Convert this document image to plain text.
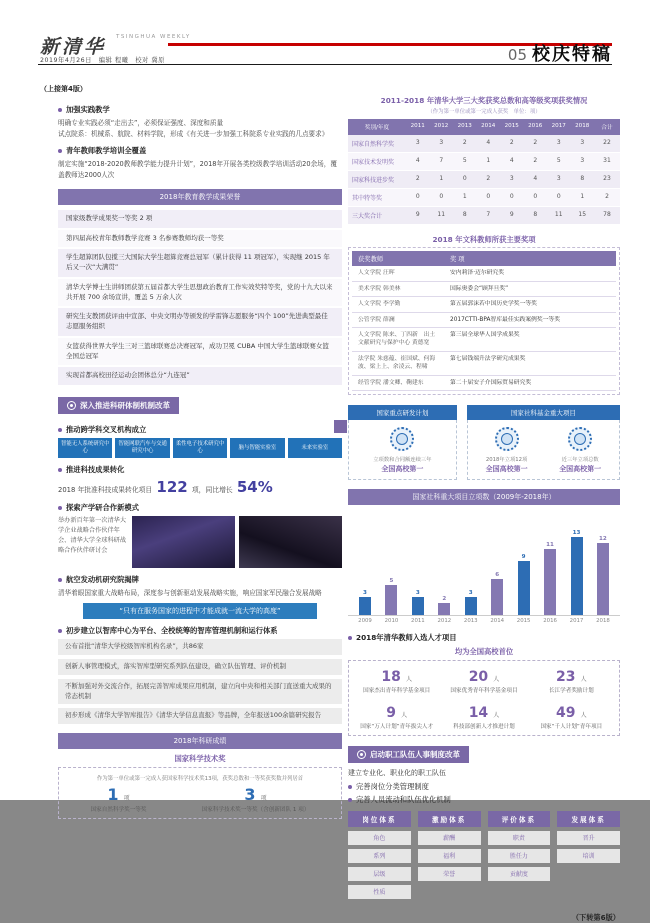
新清华 TSINGHUA WEEKLY
2019年4月26日　编辑 程曦　校对 冀原	05 校庆特稿
（上接第4版）
加强实践教学
明确专业实践必须“走出去”，必须保证强度、深度和质量
试点院系：机械系、航院、材料学院，形成《有关进一步加强工科院系专业实践的几点要求》
青年教师教学培训全覆盖
制定实施“2018-2020教师教学能力提升计划”，2018年开展各类校级教学培训活动20余场，覆盖教师达2000人次
2018年教育教学成果荣誉
国家级教学成果奖一等奖 2 项
第四届高校青年教师教学竞赛 3 名参赛教师均获一等奖
学生超算团队包揽三大国际大学生超算竞赛总冠军（累计获得 11 项冠军），实现继 2015 年后又一次“大满贯”
清华大学博士生讲师团获第五届首都大学生思想政治教育工作实效奖特等奖，党的十九大以来共开展 700 余场宣讲，覆盖 5 万余人次
研究生支教团获评由中宣部、中央文明办等颁发的学雷锋志愿服务“四个 100”先进典型最佳志愿服务组织
女篮获得世界大学生三对三篮球联赛总决赛冠军，成功卫冕 CUBA 中国大学生篮球联赛女篮全国总冠军
实现首都高校田径运动会团体总分“九连冠”
深入推进科研体制机制改革
推动跨学科交叉机构成立
智能无人系统研究中心
智能网联汽车与交通研究中心
柔性电子技术研究中心
脑与智能实验室	未来实验室
推进科技成果转化
2018 年批准科技成果转化项目 122 项，同比增长 54%
探索产学研合作新模式
举办新百年第一次清华大学企业战略合作伙伴年会、清华大学全球科研战略合作伙伴研讨会
航空发动机研究院揭牌
清华着眼国家重大战略布局，深度参与创新驱动发展战略实施，响应国家军民融合发展战略
“只有在服务国家的进程中才能成就一流大学的高度”
初步建立以智库中心为平台、全校统筹的智库管理机制和运行体系
公布首批“清华大学校级智库机构名录”，共86家
创新人事管理模式，落实智库型研究系列队伍建设，确立队伍管理、评价机制
不断加强对外交流合作，拓展完善智库成果应用机制，建立向中央和相关部门直送重大成果的常态机制
初步形成《清华大学智库报告》《清华大学信息直报》等品牌，全年报送100余篇研究报告
2018年科研成绩
国家科学技术奖
作为第一单位或第一完成人获国家科学技术奖13项，获奖总数和一等奖获奖数并列居首
1 项
国家自然科学奖一等奖
3 项
国家科学技术奖一等奖（含创新团队 1 项）
2011-2018 年清华大学三大奖获奖总数和高等级奖项获奖情况
（作为第一单位或第一完成人获奖　单位：项）
奖别/年度	2011	2012	2013	2014	2015	2016	2017	2018	合计
国家自然科学奖	3	3	2	4	2	2	3	3	22
国家技术发明奖	4	7	5	1	4	2	5	3	31
国家科技进步奖	2	1	0	2	3	4	3	8	23
其中特等奖	0	0	1	0	0	0	0	1	2
三大奖合计	9	11	8	7	9	8	11	15	78
2018 年文科教师所获主要奖项
获奖教师	奖 项
人文学院 汪晖	安内莉泽·迈尔研究奖
美术学院 韩美林	国际奥委会“顾拜旦奖”
人文学院 李学勤	第五届郭沫若中国历史学奖一等奖
公管学院 薛澜	2017CTTI-BPA智库最佳实践案例奖一等奖
人文学院 陈来、丁四新　出土文献研究与保护中心 黄德宽
第三届全球华人国学成果奖
法学院 朱慈蕴、崔国斌、何海波、梁上上、余凌云、程啸
第七届钱端升法学研究成果奖
经管学院 潘文卿、鞠建东	第二十届安子介国际贸易研究奖
国家重点研发计划
立项数和合同额连续三年
全国高校第一
国家社科基金重大项目
2018年立项12项
全国高校第一
近三年立项总数
全国高校第一
国家社科重大项目立项数（2009年-2018年）
3
5
3
2
3
6
9
11
13
12
2009	2010	2011	2012	2013	2014	2015	2016	2017	2018
2018年清华教师入选人才项目
均为全国高校首位
18 人
国家杰出青年科学基金项目
20 人
国家优秀青年科学基金项目
23 人
长江学者奖励计划
9 人
国家“万人计划”青年拔尖人才
14 人
科技部创新人才推进计划
49 人
国家“千人计划”青年项目
启动职工队伍人事制度改革
建立专业化、职业化的职工队伍
完善岗位分类管理制度
完善人员流动和队伍优化机制
岗位体系
角色
系列
层级
性质
激励体系
薪酬
福利
荣誉
评价体系
职责
胜任力
贡献度
发展体系
晋升
培训
（下转第6版）
